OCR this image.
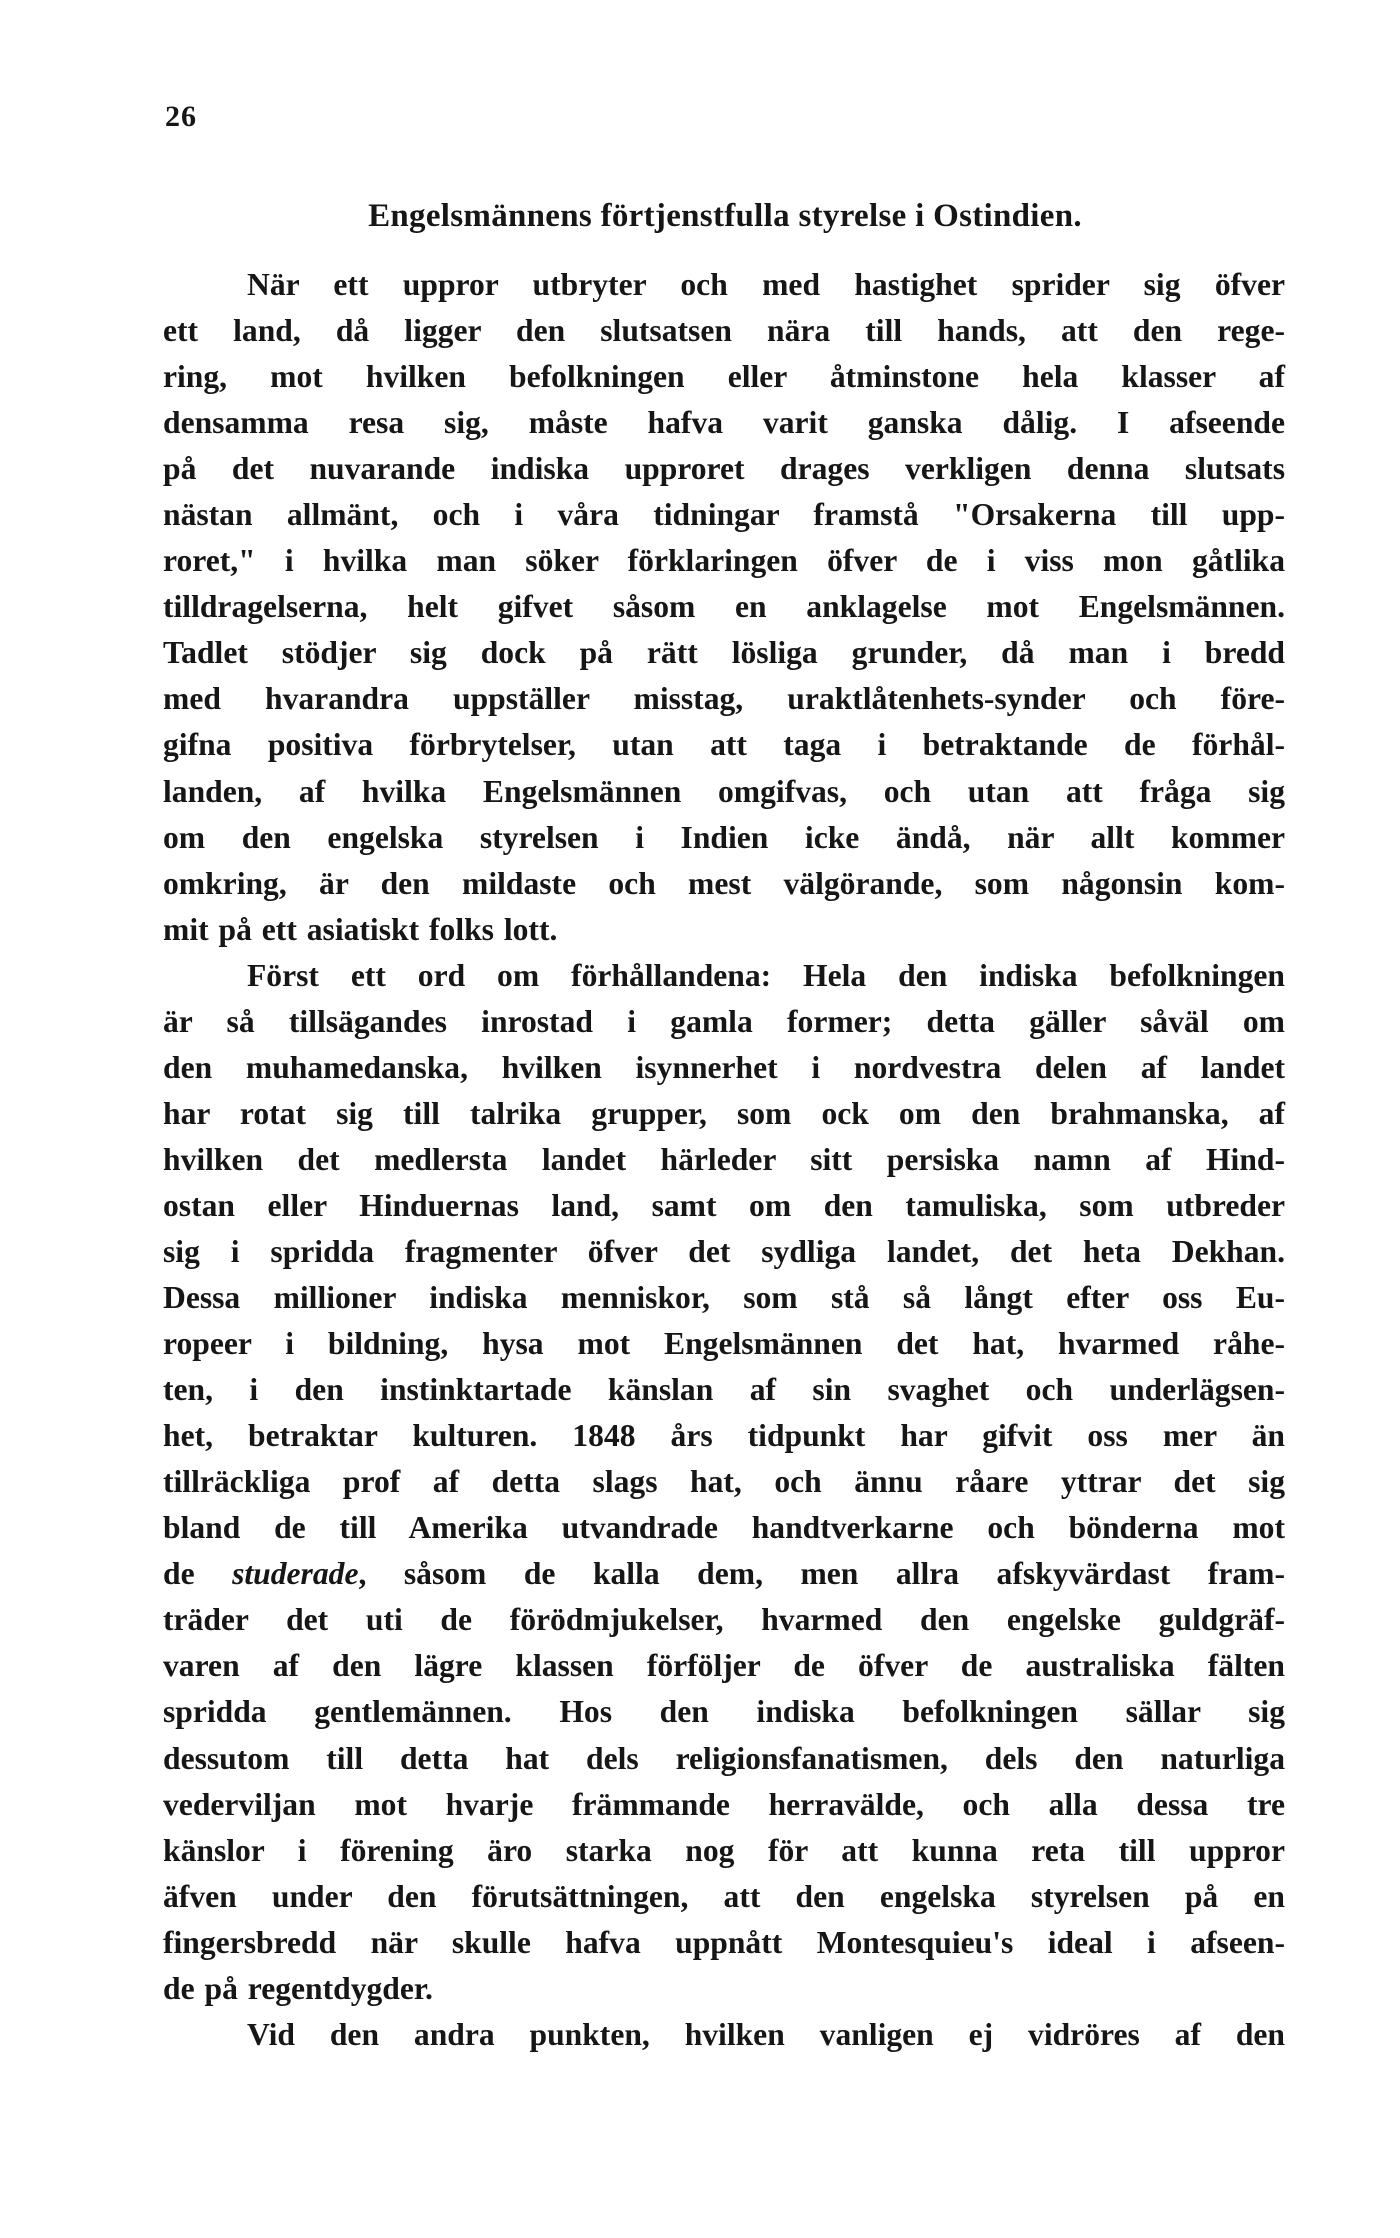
26
Engelsmännens förtjenstfulla styrelse i Ostindien.
När ett uppror utbryter och med hastighet sprider sig öfver
ett land, då ligger den slutsatsen nära till hands, att den rege-
ring, mot hvilken befolkningen eller åtminstone hela klasser af
densamma resa sig, måste hafva varit ganska dålig. I afseende
på det nuvarande indiska upproret drages verkligen denna slutsats
nästan allmänt, och i våra tidningar framstå "Orsakerna till upp-
roret," i hvilka man söker förklaringen öfver de i viss mon gåtlika
tilldragelserna, helt gifvet såsom en anklagelse mot Engelsmännen.
Tadlet stödjer sig dock på rätt lösliga grunder, då man i bredd
med hvarandra uppställer misstag, uraktlåtenhets-synder och före-
gifna positiva förbrytelser, utan att taga i betraktande de förhål-
landen, af hvilka Engelsmännen omgifvas, och utan att fråga sig
om den engelska styrelsen i Indien icke ändå, när allt kommer
omkring, är den mildaste och mest välgörande, som någonsin kom-
mit på ett asiatiskt folks lott.
Först ett ord om förhållandena: Hela den indiska befolkningen
är så tillsägandes inrostad i gamla former; detta gäller såväl om
den muhamedanska, hvilken isynnerhet i nordvestra delen af landet
har rotat sig till talrika grupper, som ock om den brahmanska, af
hvilken det medlersta landet härleder sitt persiska namn af Hind-
ostan eller Hinduernas land, samt om den tamuliska, som utbreder
sig i spridda fragmenter öfver det sydliga landet, det heta Dekhan.
Dessa millioner indiska menniskor, som stå så långt efter oss Eu-
ropeer i bildning, hysa mot Engelsmännen det hat, hvarmed råhe-
ten, i den instinktartade känslan af sin svaghet och underlägsen-
het, betraktar kulturen. 1848 års tidpunkt har gifvit oss mer än
tillräckliga prof af detta slags hat, och ännu råare yttrar det sig
bland de till Amerika utvandrade handtverkarne och bönderna mot
de studerade, såsom de kalla dem, men allra afskyvärdast fram-
träder det uti de förödmjukelser, hvarmed den engelske guldgräf-
varen af den lägre klassen förföljer de öfver de australiska fälten
spridda gentlemännen. Hos den indiska befolkningen sällar sig
dessutom till detta hat dels religionsfanatismen, dels den naturliga
vederviljan mot hvarje främmande herravälde, och alla dessa tre
känslor i förening äro starka nog för att kunna reta till uppror
äfven under den förutsättningen, att den engelska styrelsen på en
fingersbredd när skulle hafva uppnått Montesquieu's ideal i afseen-
de på regentdygder.
Vid den andra punkten, hvilken vanligen ej vidröres af den
